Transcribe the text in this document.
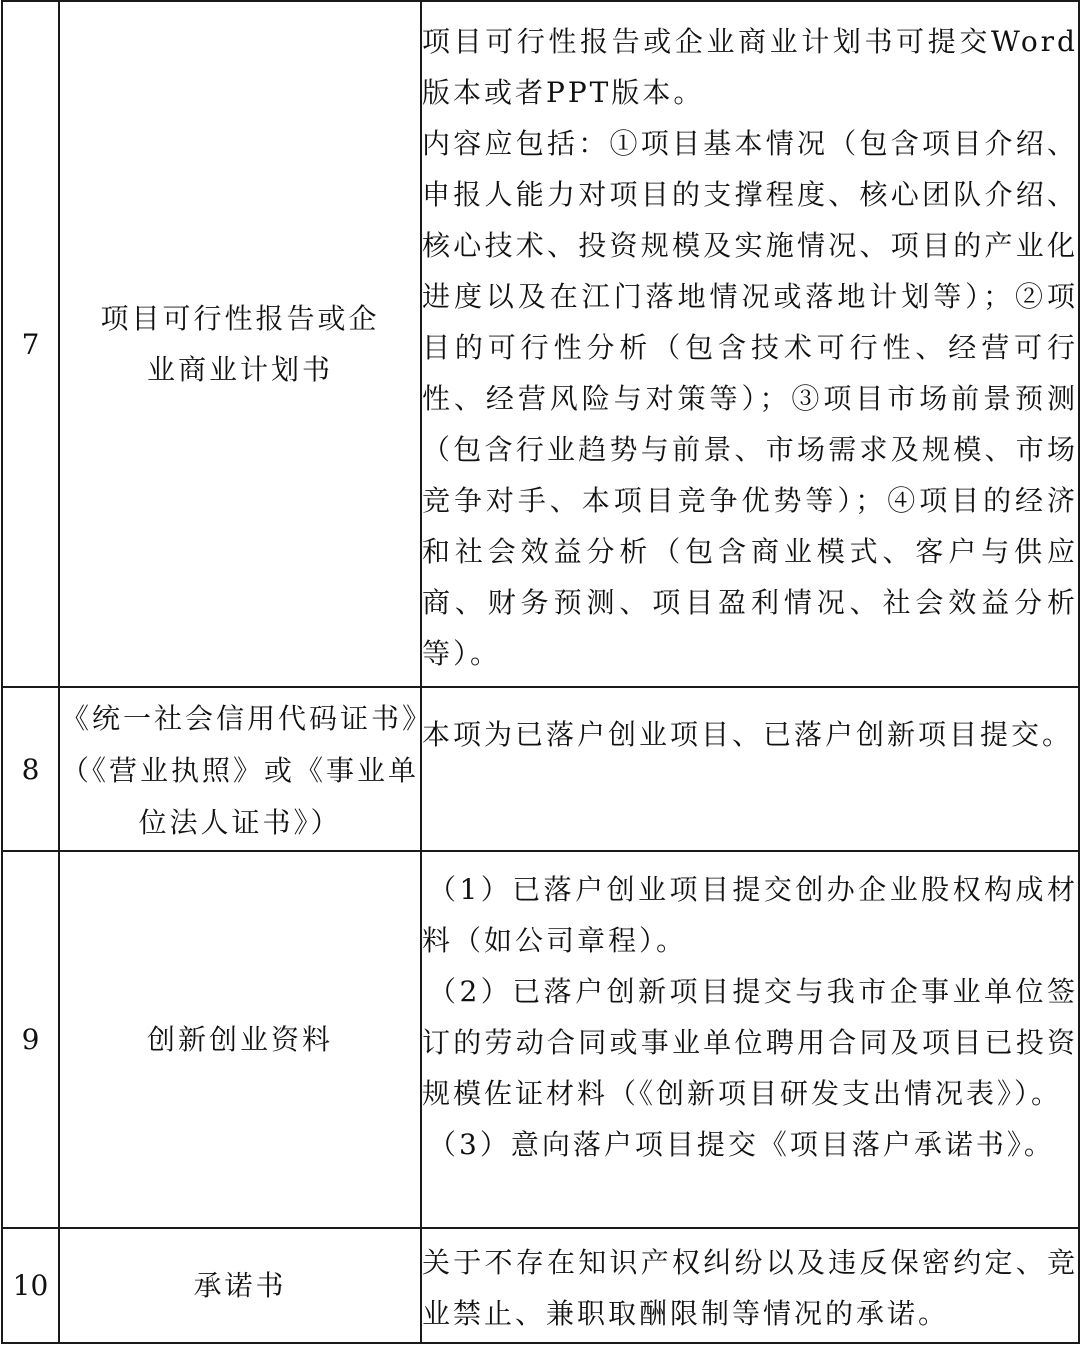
7	项目可行性报告或企业商业计划书	项目可行性报告或企业商业计划书可提交Word版本或者PPT版本。

内容应包括：①项目基本情况（包含项目介绍、申报人能力对项目的支撑程度、核心团队介绍、核心技术、投资规模及实施情况、项目的产业化进度以及在江门落地情况或落地计划等）；②项目的可行性分析（包含技术可行性、经营可行性、经营风险与对策等）；③项目市场前景预测（包含行业趋势与前景、市场需求及规模、市场竞争对手、本项目竞争优势等）；④项目的经济和社会效益分析（包含商业模式、客户与供应商、财务预测、项目盈利情况、社会效益分析等）。

8	《统一社会信用代码证书》（《营业执照》或《事业单位法人证书》）	本项为已落户创业项目、已落户创新项目提交。

9	创新创业资料	（1）已落户创业项目提交创办企业股权构成材料（如公司章程）。

（2）已落户创新项目提交与我市企事业单位签订的劳动合同或事业单位聘用合同及项目已投资规模佐证材料（《创新项目研发支出情况表》）。

（3）意向落户项目提交《项目落户承诺书》。

10	承诺书	关于不存在知识产权纠纷以及违反保密约定、竞业禁止、兼职取酬限制等情况的承诺。
